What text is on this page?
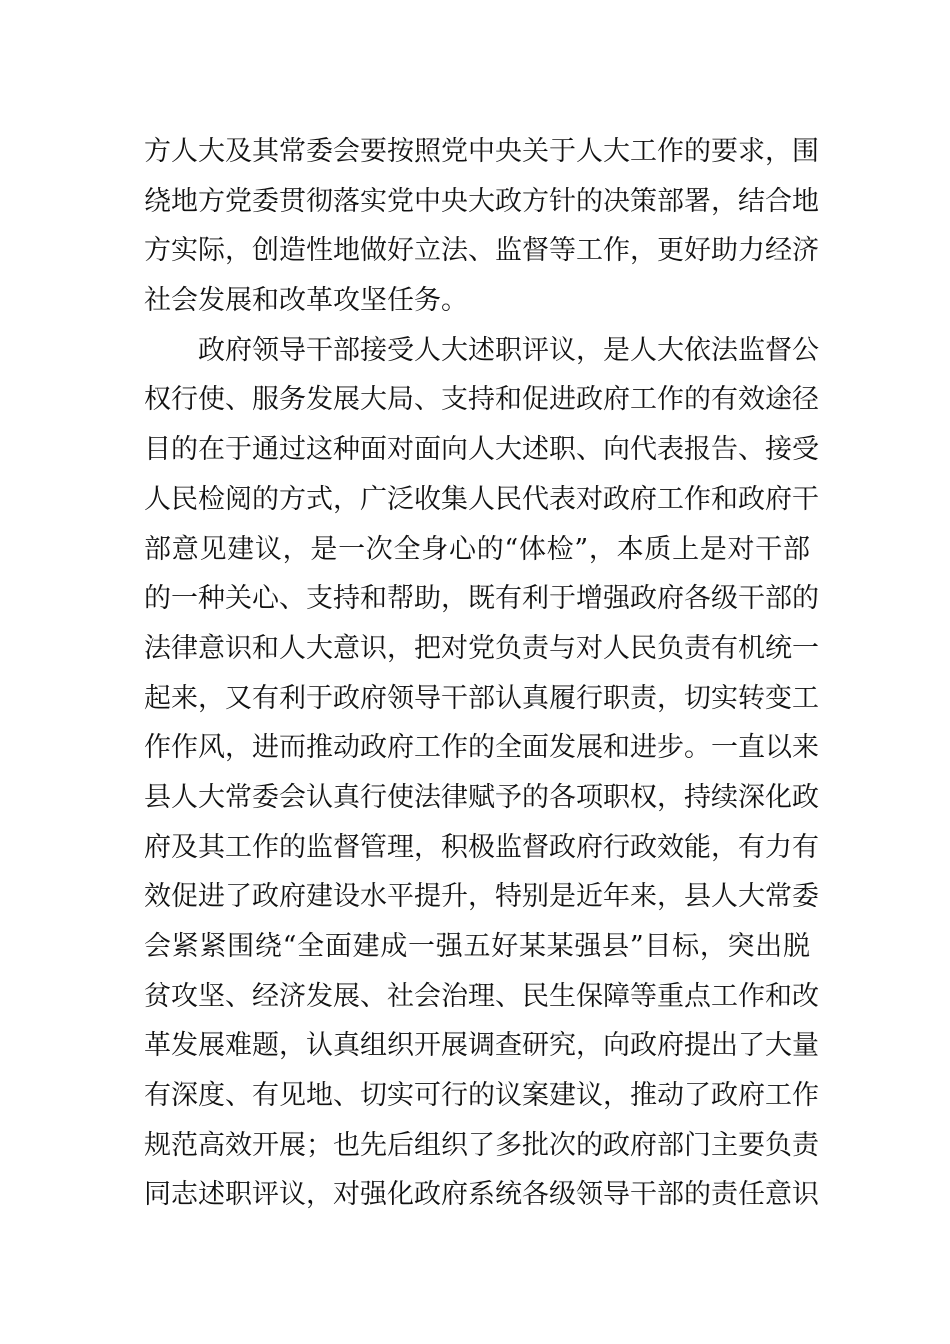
方人大及其常委会要按照党中央关于人大工作的要求，围
绕地方党委贯彻落实党中央大政方针的决策部署，结合地
方实际，创造性地做好立法、监督等工作，更好助力经济
社会发展和改革攻坚任务。
政府领导干部接受人大述职评议，是人大依法监督公
权行使、服务发展大局、支持和促进政府工作的有效途径
目的在于通过这种面对面向人大述职、向代表报告、接受
人民检阅的方式，广泛收集人民代表对政府工作和政府干
部意见建议，是一次全身心的“体检”，本质上是对干部
的一种关心、支持和帮助，既有利于增强政府各级干部的
法律意识和人大意识，把对党负责与对人民负责有机统一
起来，又有利于政府领导干部认真履行职责，切实转变工
作作风，进而推动政府工作的全面发展和进步。一直以来
县人大常委会认真行使法律赋予的各项职权，持续深化政
府及其工作的监督管理，积极监督政府行政效能，有力有
效促进了政府建设水平提升，特别是近年来，县人大常委
会紧紧围绕“全面建成一强五好某某强县”目标，突出脱
贫攻坚、经济发展、社会治理、民生保障等重点工作和改
革发展难题，认真组织开展调查研究，向政府提出了大量
有深度、有见地、切实可行的议案建议，推动了政府工作
规范高效开展；也先后组织了多批次的政府部门主要负责
同志述职评议，对强化政府系统各级领导干部的责任意识
